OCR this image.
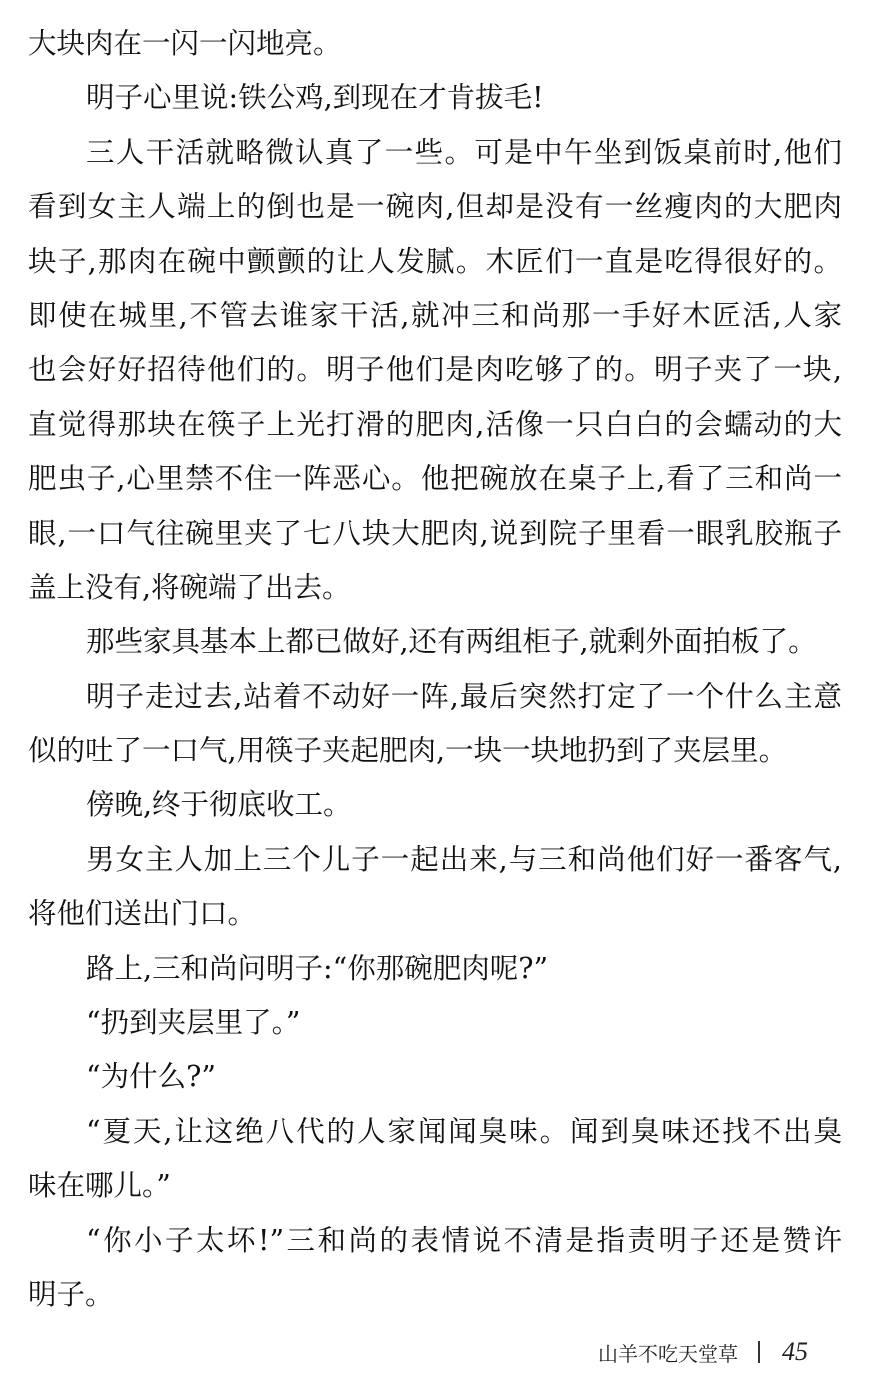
大块肉在一闪一闪地亮。
明子心里说:铁公鸡,到现在才肯拔毛!
三人干活就略微认真了一些。可是中午坐到饭桌前时,他们
看到女主人端上的倒也是一碗肉,但却是没有一丝瘦肉的大肥肉
块子,那肉在碗中颤颤的让人发腻。木匠们一直是吃得很好的。
即使在城里,不管去谁家干活,就冲三和尚那一手好木匠活,人家
也会好好招待他们的。明子他们是肉吃够了的。明子夹了一块,
直觉得那块在筷子上光打滑的肥肉,活像一只白白的会蠕动的大
肥虫子,心里禁不住一阵恶心。他把碗放在桌子上,看了三和尚一
眼,一口气往碗里夹了七八块大肥肉,说到院子里看一眼乳胶瓶子
盖上没有,将碗端了出去。
那些家具基本上都已做好,还有两组柜子,就剩外面拍板了。
明子走过去,站着不动好一阵,最后突然打定了一个什么主意
似的吐了一口气,用筷子夹起肥肉,一块一块地扔到了夹层里。
傍晚,终于彻底收工。
男女主人加上三个儿子一起出来,与三和尚他们好一番客气,
将他们送出门口。
路上,三和尚问明子:“你那碗肥肉呢?”
“扔到夹层里了。”
“为什么?”
“夏天,让这绝八代的人家闻闻臭味。闻到臭味还找不出臭
味在哪儿。”
“你小子太坏!”三和尚的表情说不清是指责明子还是赞许
明子。
山羊不吃天堂草 45
